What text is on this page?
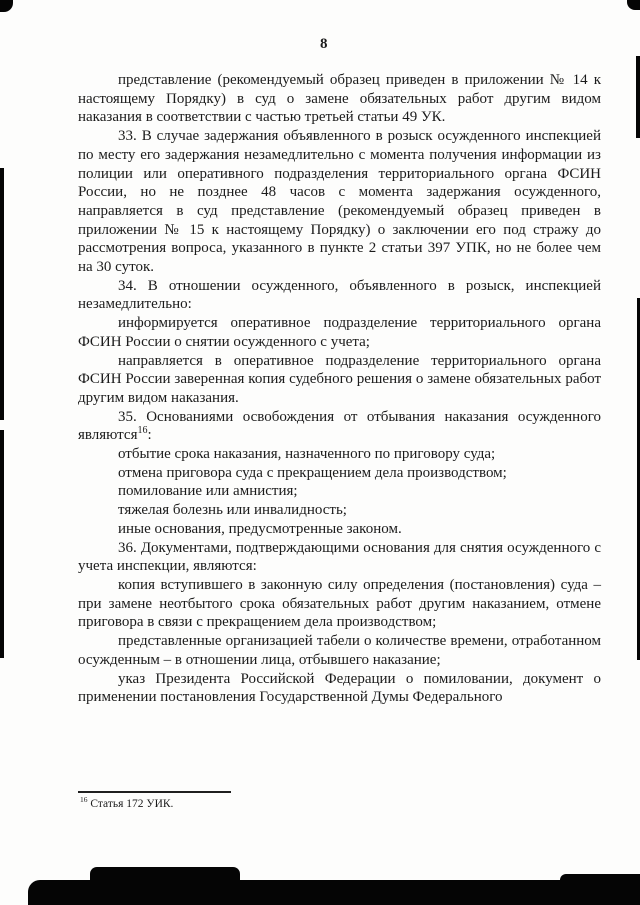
8

представление (рекомендуемый образец приведен в приложении № 14 к настоящему Порядку) в суд о замене обязательных работ другим видом наказания в соответствии с частью третьей статьи 49 УК.

33. В случае задержания объявленного в розыск осужденного инспекцией по месту его задержания незамедлительно с момента получения информации из полиции или оперативного подразделения территориального органа ФСИН России, но не позднее 48 часов с момента задержания осужденного, направляется в суд представление (рекомендуемый образец приведен в приложении № 15 к настоящему Порядку) о заключении его под стражу до рассмотрения вопроса, указанного в пункте 2 статьи 397 УПК, но не более чем на 30 суток.

34. В отношении осужденного, объявленного в розыск, инспекцией незамедлительно:

информируется оперативное подразделение территориального органа ФСИН России о снятии осужденного с учета;

направляется в оперативное подразделение территориального органа ФСИН России заверенная копия судебного решения о замене обязательных работ другим видом наказания.

35. Основаниями освобождения от отбывания наказания осужденного являются$^{16}$:

отбытие срока наказания, назначенного по приговору суда;

отмена приговора суда с прекращением дела производством;

помилование или амнистия;

тяжелая болезнь или инвалидность;

иные основания, предусмотренные законом.

36. Документами, подтверждающими основания для снятия осужденного с учета инспекции, являются:

копия вступившего в законную силу определения (постановления) суда – при замене неотбытого срока обязательных работ другим наказанием, отмене приговора в связи с прекращением дела производством;

представленные организацией табели о количестве времени, отработанном осужденным – в отношении лица, отбывшего наказание;

указ Президента Российской Федерации о помиловании, документ о применении постановления Государственной Думы Федерального

$^{16}$ Статья 172 УИК.
